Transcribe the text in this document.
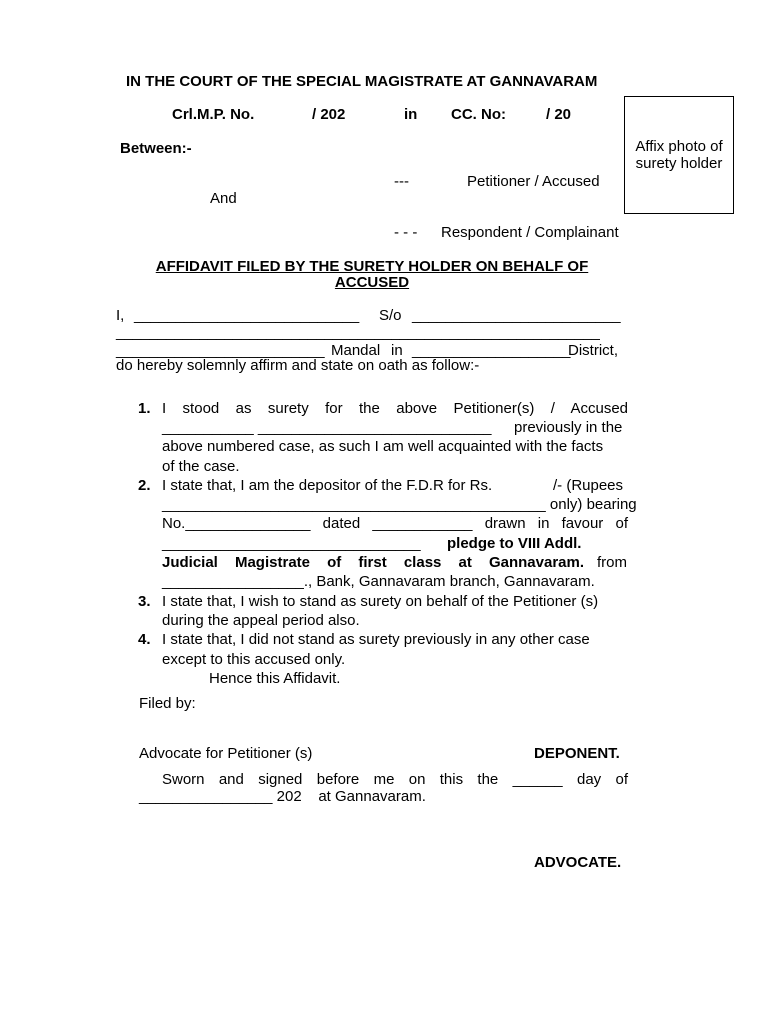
IN THE COURT OF THE SPECIAL MAGISTRATE AT GANNAVARAM
Crl.M.P. No.	/ 202	in CC. No:	/ 20
Affix photo of
surety holder
Between:-
---	Petitioner / Accused
And
- - - Respondent / Complainant
AFFIDAVIT FILED BY THE SURETY HOLDER ON BEHALF OF
ACCUSED
I, ___________________________ S/o _________________________
__________________________________________________________
_________________________ Mandal in ___________________
District,
do hereby solemnly affirm and state on oath as follow:-
1. I stood as surety for the above Petitioner(s) / Accused
___________ ____________________________ previously in the
above numbered case, as such I am well acquainted with the facts
of the case.
2. I state that, I am the depositor of the F.D.R for Rs.	/- (Rupees
______________________________________________ only) bearing
No._______________ dated ____________ drawn in favour of
_______________________________ pledge to VIII Addl.
Judicial Magistrate of first class at Gannavaram. from
_________________., Bank, Gannavaram branch, Gannavaram.
3. I state that, I wish to stand as surety on behalf of the Petitioner (s)
during the appeal period also.
4. I state that, I did not stand as surety previously in any other case
except to this accused only.
Hence this Affidavit.
Filed by:
Advocate for Petitioner (s)	DEPONENT.
Sworn and signed before me on this the ______ day of
________________ 202    at Gannavaram.
ADVOCATE.
